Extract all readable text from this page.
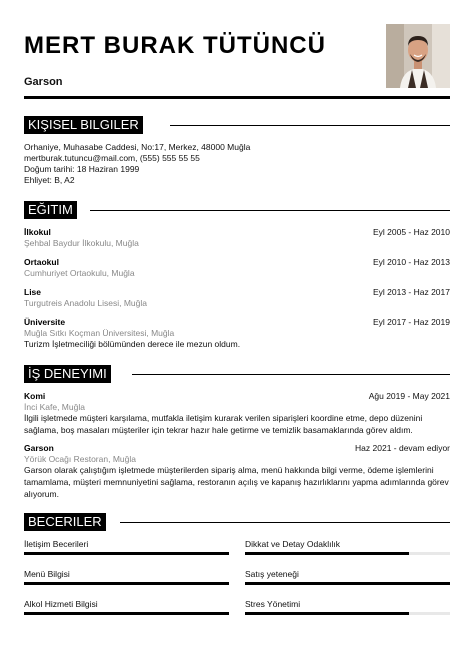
MERT BURAK TÜTÜNCÜ
Garson
KIŞISEL BILGILER
Orhaniye, Muhasabe Caddesi, No:17, Merkez, 48000 Muğla
mertburak.tutuncu@mail.com, (555) 555 55 55
Doğum tarihi: 18 Haziran 1999
Ehliyet: B, A2
EĞITIM
İlkokul	Eyl 2005 - Haz 2010
Şehbal Baydur İlkokulu, Muğla
Ortaokul	Eyl 2010 - Haz 2013
Cumhuriyet Ortaokulu, Muğla
Lise	Eyl 2013 - Haz 2017
Turgutreis Anadolu Lisesi, Muğla
Üniversite	Eyl 2017 - Haz 2019
Muğla Sıtkı Koçman Üniversitesi, Muğla
Turizm İşletmeciliği bölümünden derece ile mezun oldum.
İŞ DENEYIMI
Komi	Ağu 2019 - May 2021
İnci Kafe, Muğla
İlgili işletmede müşteri karşılama, mutfakla iletişim kurarak verilen siparişleri koordine etme, depo düzenini sağlama, boş masaları müşteriler için tekrar hazır hale getirme ve temizlik basamaklarında görev aldım.
Garson	Haz 2021 - devam ediyor
Yörük Ocağı Restoran, Muğla
Garson olarak çalıştığım işletmede müşterilerden sipariş alma, menü hakkında bilgi verme, ödeme işlemlerini tamamlama, müşteri memnuniyetini sağlama, restoranın açılış ve kapanış hazırlıklarını yapma adımlarında görev alıyorum.
BECERILER
İletişim Becerileri	Dikkat ve Detay Odaklılık
Menü Bilgisi	Satış yeteneği
Alkol Hizmeti Bilgisi	Stres Yönetimi
